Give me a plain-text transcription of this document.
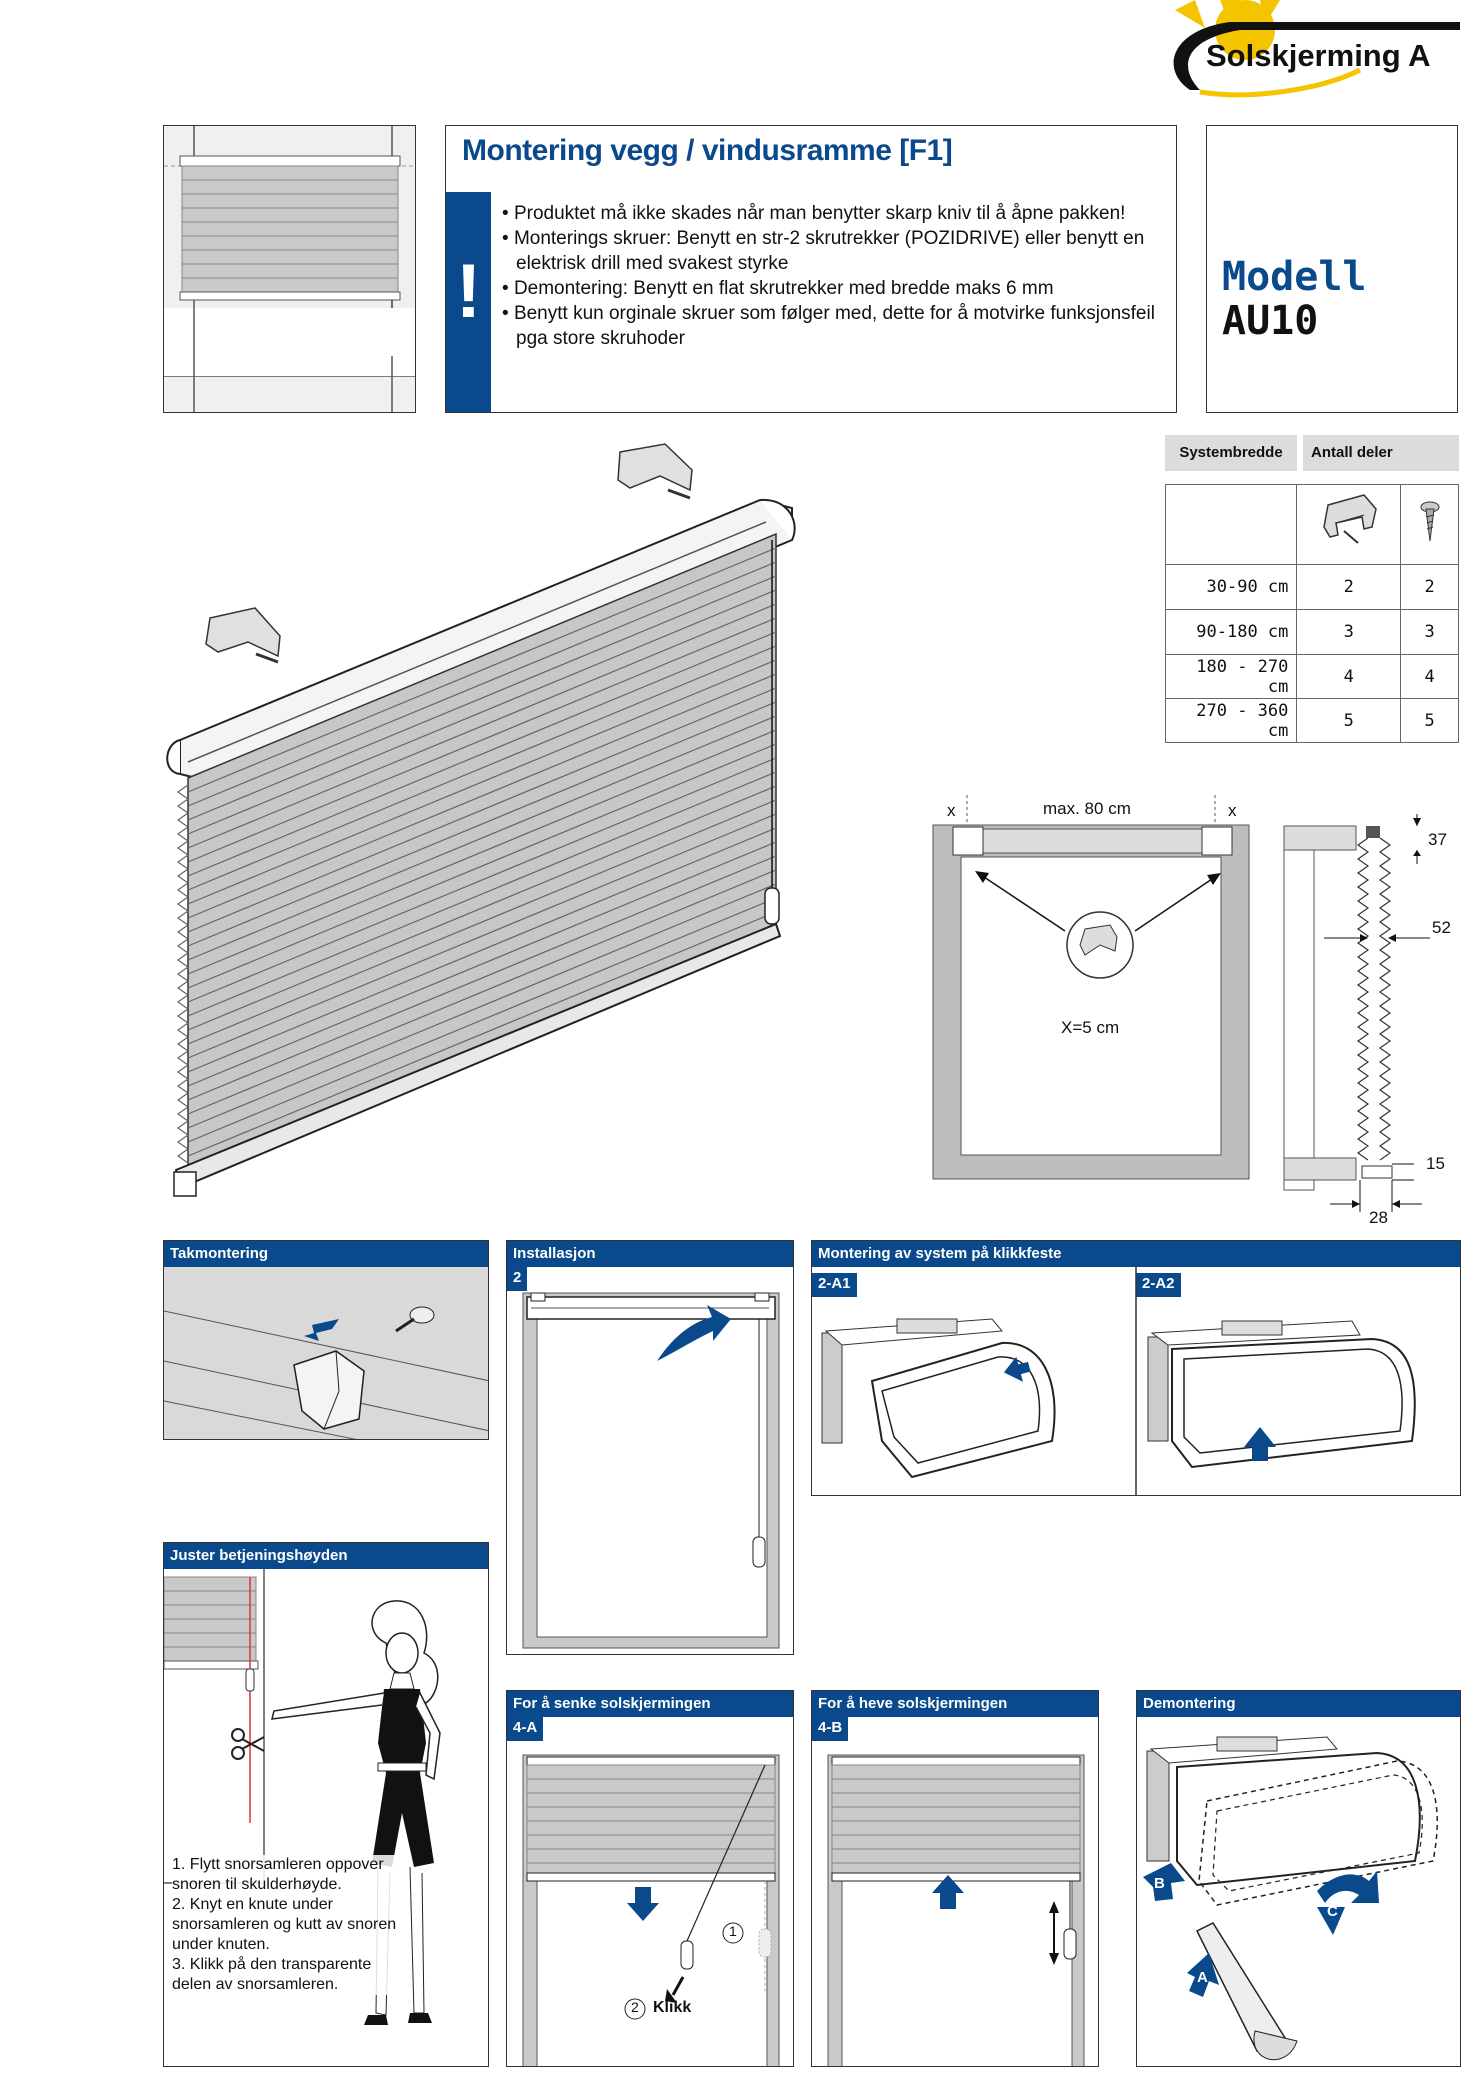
Solskjerming A
Montering vegg / vindusramme [F1]
!
• Produktet må ikke skades når man benytter skarp kniv til å åpne pakken!
• Monterings skruer: Benytt en str-2 skrutrekker (POZIDRIVE) eller benytt en elektrisk drill med svakest styrke
• Demontering: Benytt en flat skrutrekker med bredde maks 6 mm
• Benytt kun orginale skruer som følger med, dette for å motvirke funksjonsfeil pga store skruhoder
Modell
AU10
Systembredde	Antall deler

30-90 cm	2	2
90-180 cm	3	3
180 - 270 cm	4	4
270 - 360 cm	5	5
x	x
max. 80 cm
X=5 cm
37
52
15
28
Takmontering	Installasjon
2
Montering av system på klikkfeste
2-A1	2-A2
Juster betjeningshøyden
1. Flytt snorsamleren oppover snoren til skulderhøyde.
2. Knyt en knute under snorsamleren og kutt av snoren under knuten.
3. Klikk på den transparente delen av snorsamleren.
For å senke solskjermingen
4-A
1
2 Klikk
For å heve solskjermingen
4-B
Demontering
B
A
C
